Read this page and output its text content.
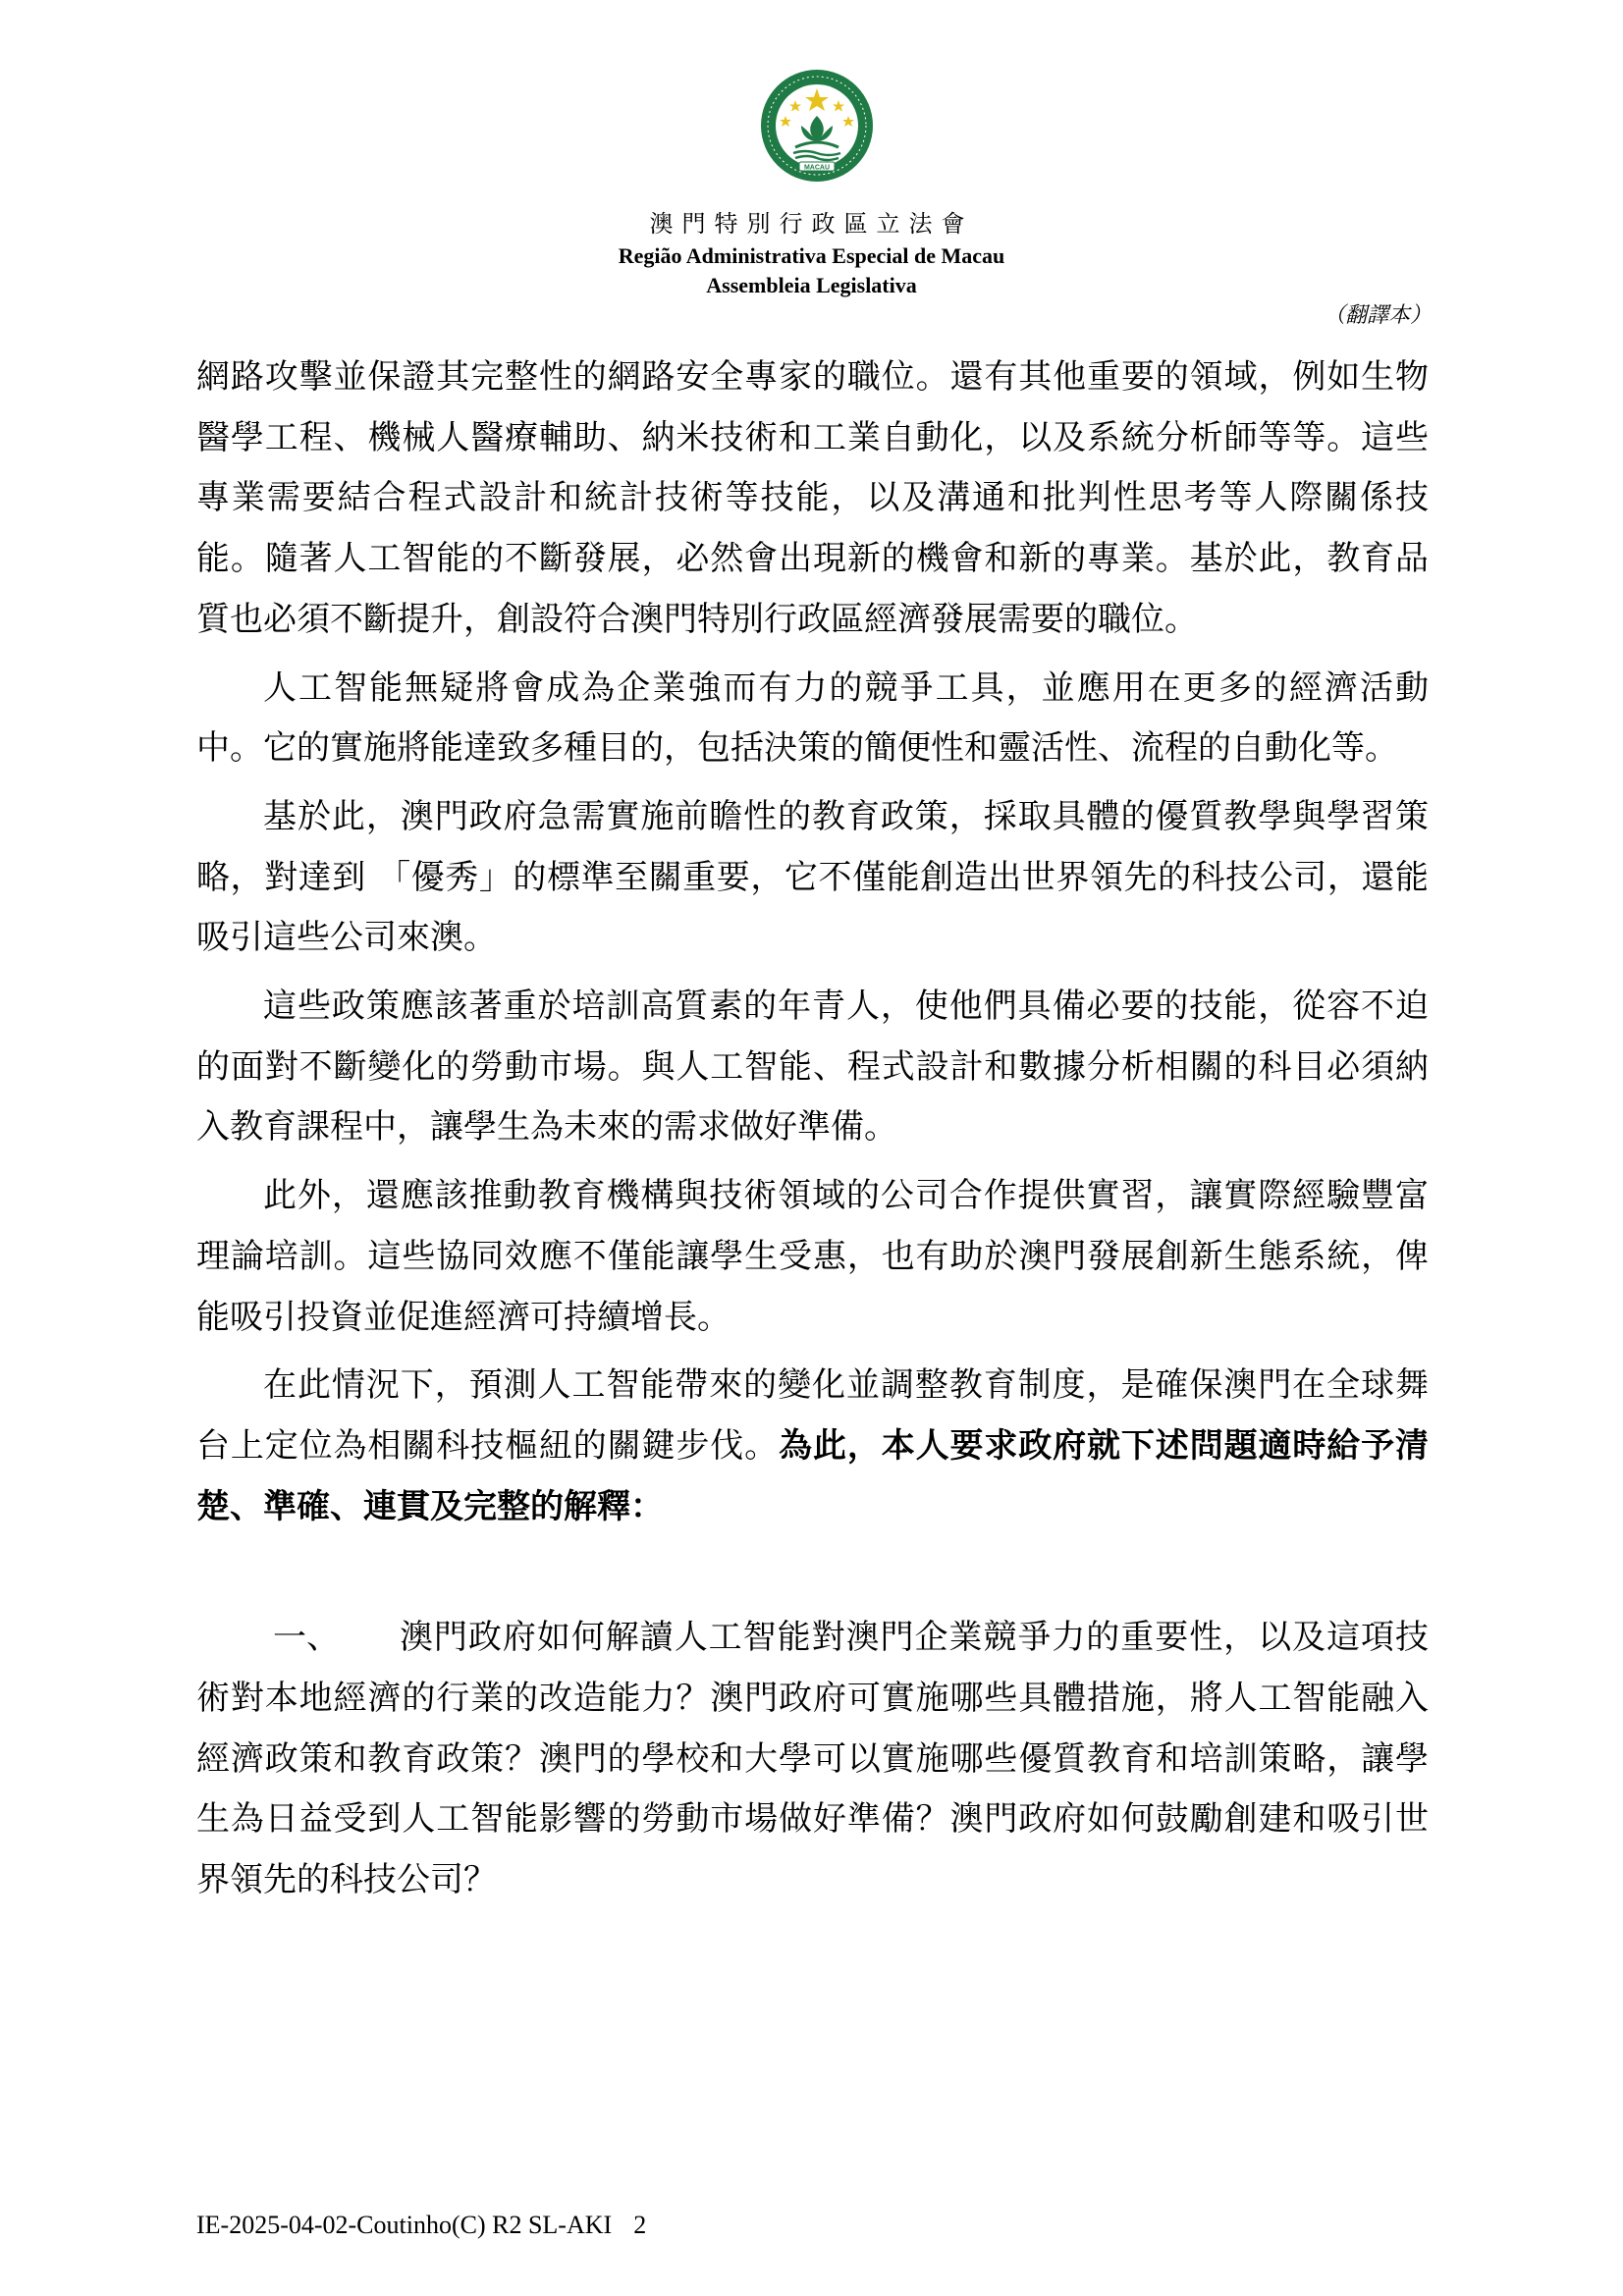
MACAU
澳門特別行政區立法會
Região Administrativa Especial de Macau
Assembleia Legislativa
（翻譯本）

網路攻擊並保證其完整性的網路安全專家的職位。還有其他重要的領域，例如生物醫學工程、機械人醫療輔助、納米技術和工業自動化，以及系統分析師等等。這些專業需要結合程式設計和統計技術等技能，以及溝通和批判性思考等人際關係技能。隨著人工智能的不斷發展，必然會出現新的機會和新的專業。基於此，教育品質也必須不斷提升，創設符合澳門特別行政區經濟發展需要的職位。

人工智能無疑將會成為企業強而有力的競爭工具，並應用在更多的經濟活動中。它的實施將能達致多種目的，包括決策的簡便性和靈活性、流程的自動化等。

基於此，澳門政府急需實施前瞻性的教育政策，採取具體的優質教學與學習策略，對達到 「優秀」的標準至關重要，它不僅能創造出世界領先的科技公司，還能吸引這些公司來澳。

這些政策應該著重於培訓高質素的年青人，使他們具備必要的技能，從容不迫的面對不斷變化的勞動市場。與人工智能、程式設計和數據分析相關的科目必須納入教育課程中，讓學生為未來的需求做好準備。

此外，還應該推動教育機構與技術領域的公司合作提供實習，讓實際經驗豐富理論培訓。這些協同效應不僅能讓學生受惠，也有助於澳門發展創新生態系統，俾能吸引投資並促進經濟可持續增長。

在此情況下，預測人工智能帶來的變化並調整教育制度，是確保澳門在全球舞台上定位為相關科技樞紐的關鍵步伐。為此，本人要求政府就下述問題適時給予清楚、準確、連貫及完整的解釋：

一、 澳門政府如何解讀人工智能對澳門企業競爭力的重要性，以及這項技術對本地經濟的行業的改造能力？澳門政府可實施哪些具體措施，將人工智能融入經濟政策和教育政策？澳門的學校和大學可以實施哪些優質教育和培訓策略，讓學生為日益受到人工智能影響的勞動市場做好準備？澳門政府如何鼓勵創建和吸引世界領先的科技公司？

IE-2025-04-02-Coutinho(C) R2 SL-AKI 2
